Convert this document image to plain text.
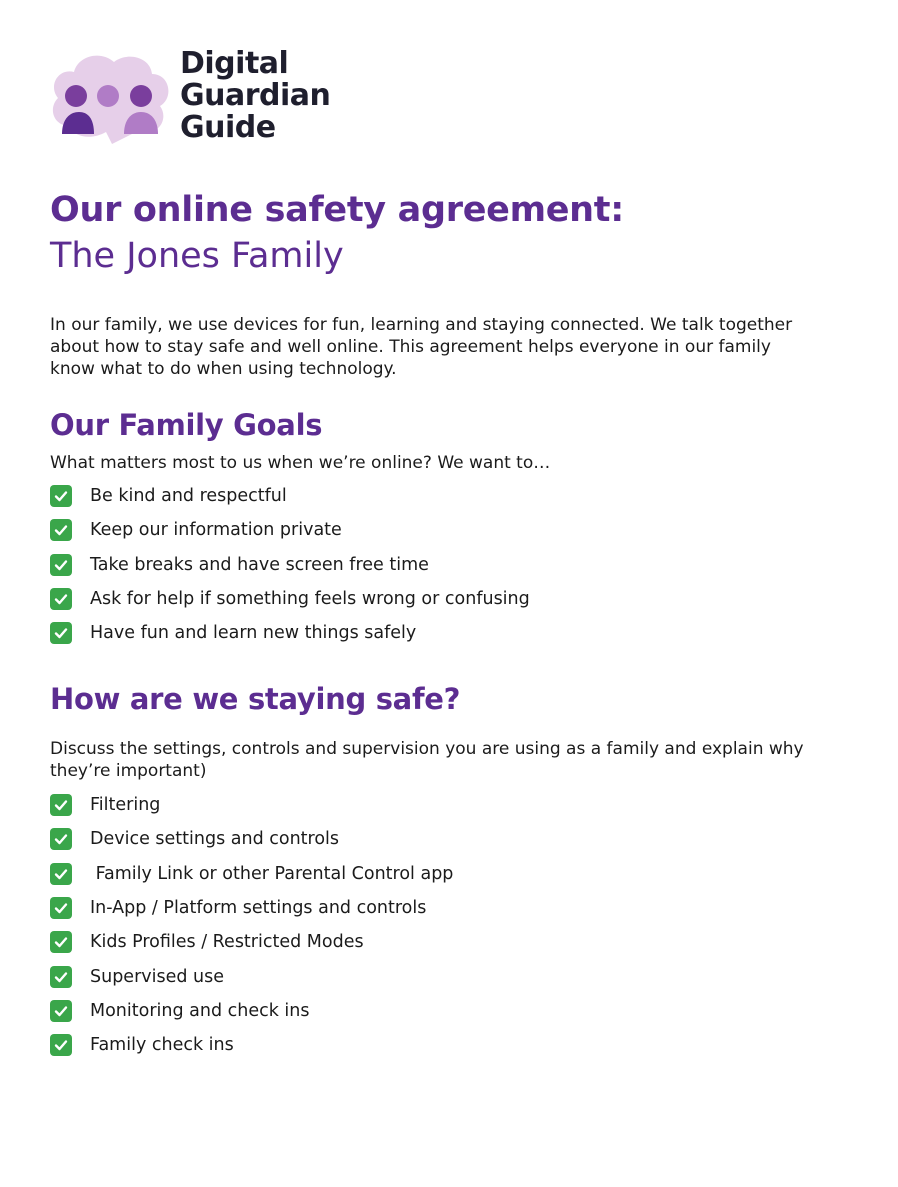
Digital
Guardian
Guide
Our online safety agreement:
The Jones Family
In our family, we use devices for fun, learning and staying connected. We talk together about how to stay safe and well online. This agreement helps everyone in our family know what to do when using technology.
Our Family Goals
What matters most to us when we’re online? We want to…
Be kind and respectful
Keep our information private
Take breaks and have screen free time
Ask for help if something feels wrong or confusing
Have fun and learn new things safely
How are we staying safe?
Discuss the settings, controls and supervision you are using as a family and explain why they’re important)
Filtering
Device settings and controls
Family Link or other Parental Control app
In-App / Platform settings and controls
Kids Profiles / Restricted Modes
Supervised use
Monitoring and check ins
Family check ins
